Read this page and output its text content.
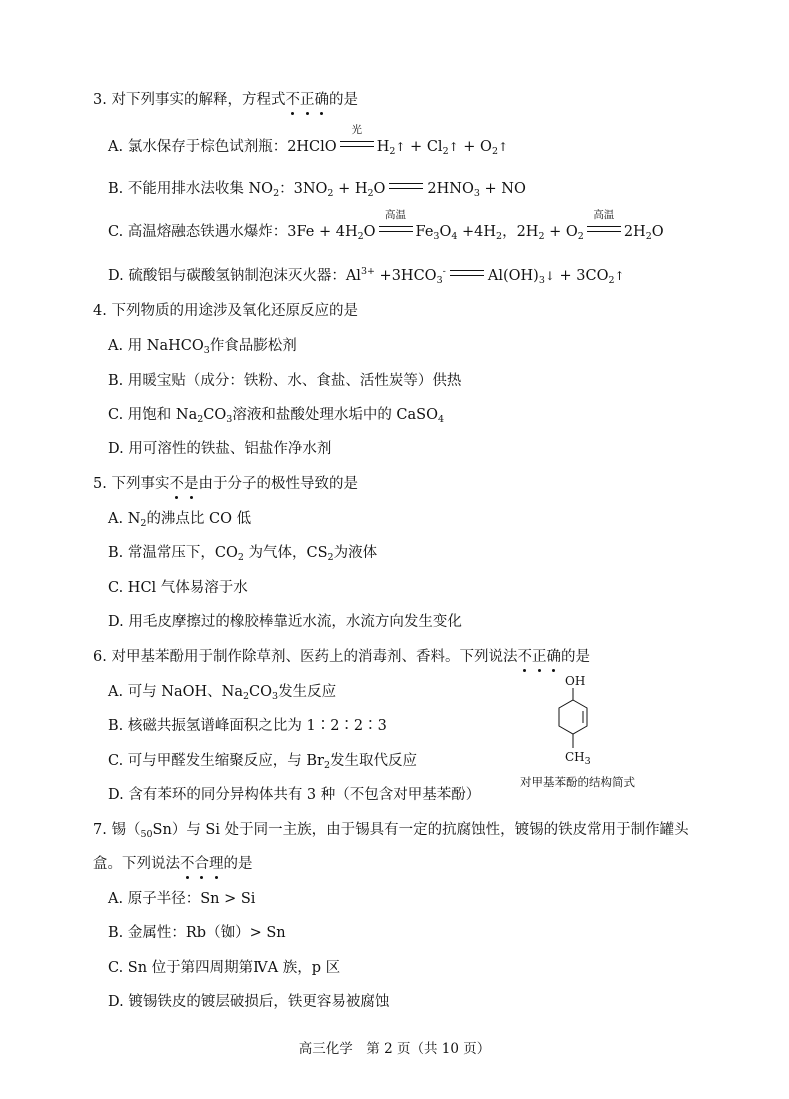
3. 对下列事实的解释，方程式不正确的是
A. 氯水保存于棕色试剂瓶：2HClO
光
$H_2↑$ + $Cl_2↑$ + $O_2↑$
B. 不能用排水法收集 $NO_2$：$3NO_2 + H_2O$	$2HNO_3$ + NO
C. 高温熔融态铁遇水爆炸：$3Fe + 4H_2O$
高温
$Fe_3O_4 +4H_2$，$2H_2 + O_2$
高温
$2H_2O$
D. 硫酸铝与碳酸氢钠制泡沫灭火器：$Al^{3+} +3HCO_3^-$	$Al(OH)_3↓$ + $3CO_2↑$
4. 下列物质的用途涉及氧化还原反应的是
A. 用 NaHCO$_3$作食品膨松剂
B. 用暖宝贴（成分：铁粉、水、食盐、活性炭等）供热
C. 用饱和 $Na_2CO_3$溶液和盐酸处理水垢中的 CaSO$_4$
D. 用可溶性的铁盐、铝盐作净水剂
5. 下列事实不是由于分子的极性导致的是
A. $N_2$的沸点比 CO 低
B. 常温常压下，$CO_2$ 为气体，$CS_2$为液体
C. HCl 气体易溶于水
D. 用毛皮摩擦过的橡胶棒靠近水流，水流方向发生变化
6. 对甲基苯酚用于制作除草剂、医药上的消毒剂、香料。下列说法不正确的是
A. 可与 NaOH、$Na_2CO_3$发生反应
B. 核磁共振氢谱峰面积之比为 1∶2∶2∶3
C. 可与甲醛发生缩聚反应，与 $Br_2$发生取代反应
D. 含有苯环的同分异构体共有 3 种（不包含对甲基苯酚）
OH
$CH_3$
对甲基苯酚的结构简式
7. 锡$(_{50}Sn)$与 Si 处于同一主族，由于锡具有一定的抗腐蚀性，镀锡的铁皮常用于制作罐头
盒。下列说法不合理的是
A. 原子半径：Sn > Si
B. 金属性：Rb（铷）> Sn
C. Sn 位于第四周期第ⅣA 族，p 区
D. 镀锡铁皮的镀层破损后，铁更容易被腐蚀
高三化学　第 2 页（共 10 页）
